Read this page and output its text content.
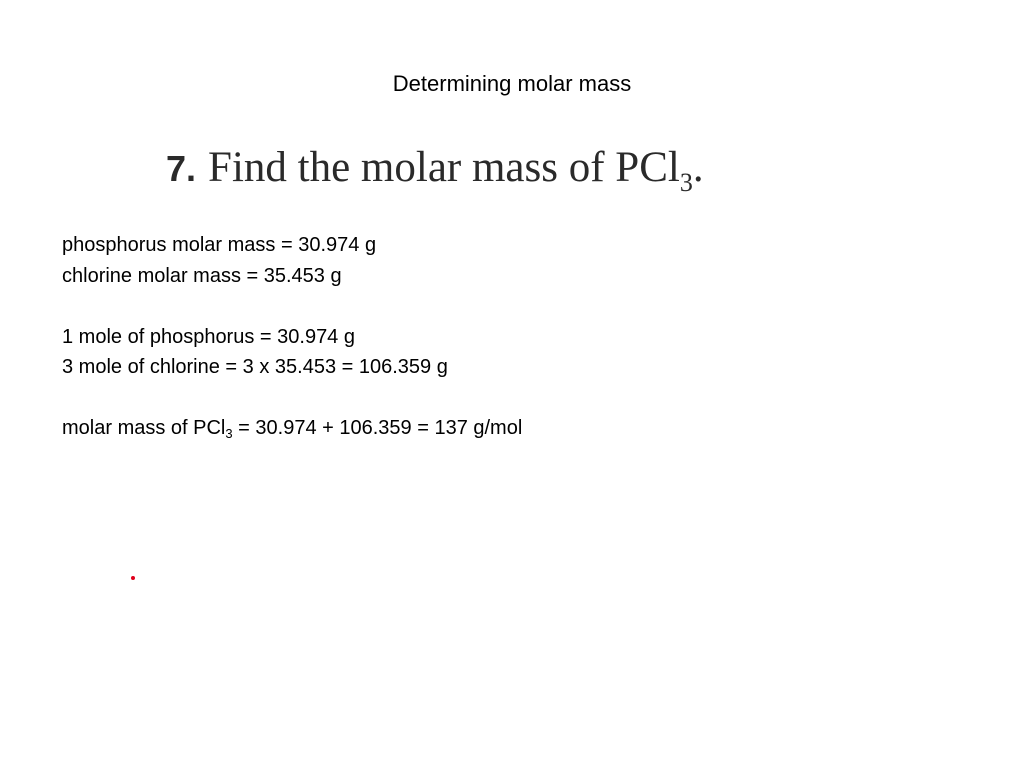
Determining molar mass
7. Find the molar mass of PCl$_3$.
phosphorus molar mass = 30.974 g
chlorine molar mass = 35.453 g
1 mole of phosphorus = 30.974 g
3 mole of chlorine = 3 x 35.453 = 106.359 g
molar mass of PCl$_3$ = 30.974 + 106.359 = 137 g/mol
